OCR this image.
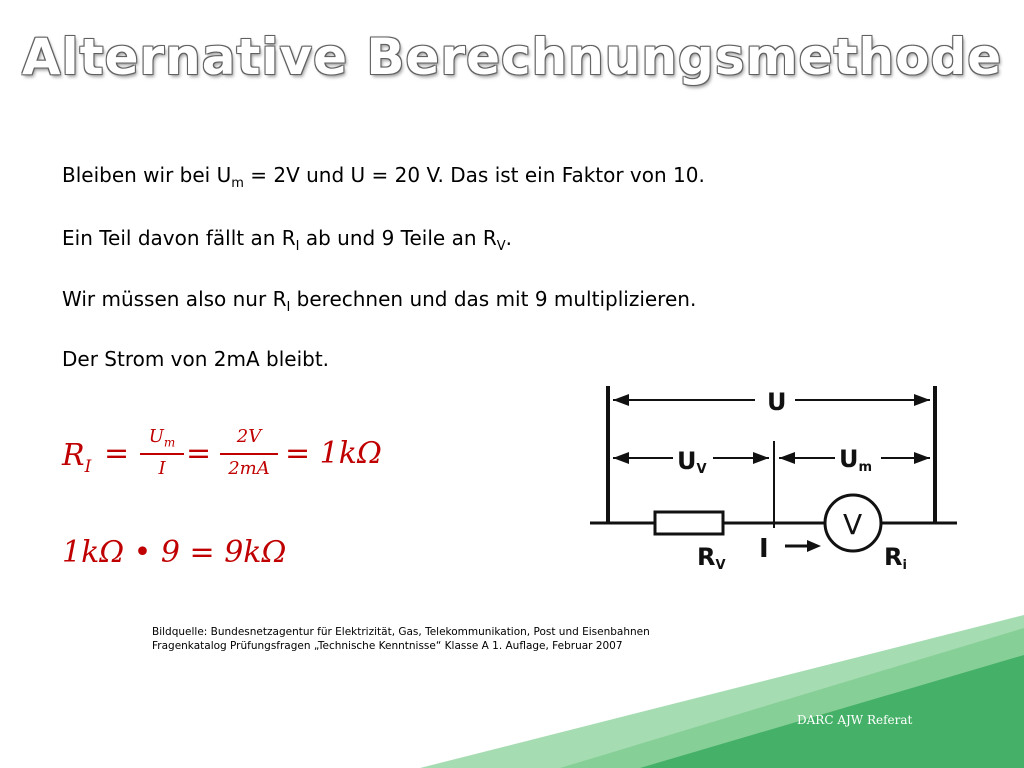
Alternative Berechnungsmethode
Bleiben wir bei $U_m = 2V$ und U = 20 V. Das ist ein Faktor von 10.
Ein Teil davon fällt an $R_I$ ab und 9 Teile an $R_V$.
Wir müssen also nur $R_I$ berechnen und das mit 9 multiplizieren.
Der Strom von 2mA bleibt.
$R_I$ =	$U_m$
I =	2V
2mA = 1kΩ
1kΩ • 9 = 9kΩ
U
UV	Um
V
RV
I	Ri
Bildquelle: Bundesnetzagentur für Elektrizität, Gas, Telekommunikation, Post und Eisenbahnen
Fragenkatalog Prüfungsfragen „Technische Kenntnisse“ Klasse A 1. Auflage, Februar 2007
DARC AJW Referat
